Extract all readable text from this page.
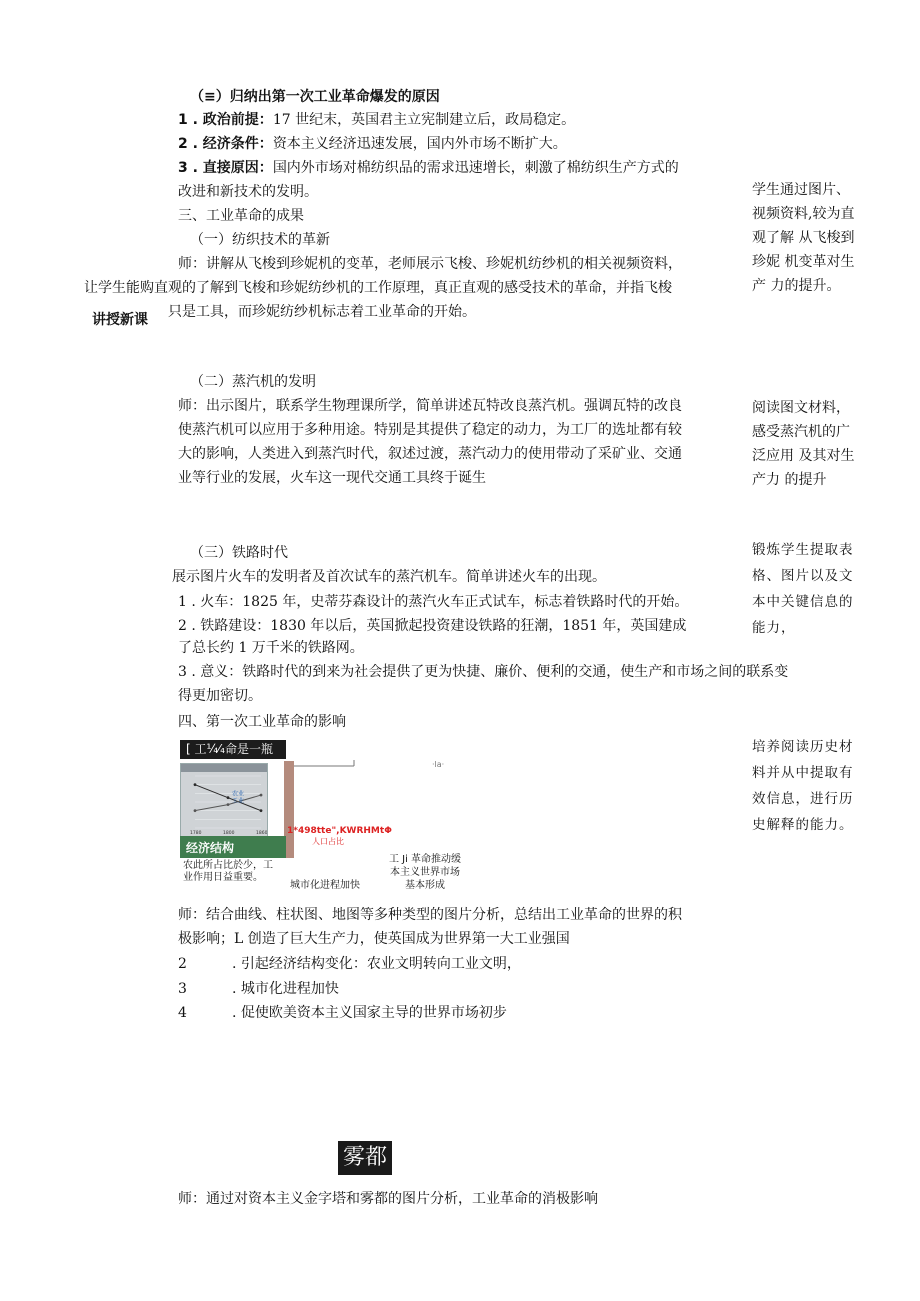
（≡）归纳出第一次工业革命爆发的原因
1 . 政治前提：17 世纪末，英国君主立宪制建立后，政局稳定。
2 . 经济条件：资本主义经济迅速发展，国内外市场不断扩大。
3 . 直接原因：国内外市场对棉纺织品的需求迅速增长，刺激了棉纺织生产方式的
改进和新技术的发明。
三、工业革命的成果
（一）纺织技术的革新
师：讲解从飞梭到珍妮机的变革，老师展示飞梭、珍妮机纺纱机的相关视频资料，
让学生能购直观的了解到飞梭和珍妮纺纱机的工作原理，真正直观的感受技术的革命，并指飞梭
只是工具，而珍妮纺纱机标志着工业革命的开始。
讲授新课
学生通过图片、视频资料,较为直观了解 从飞梭到珍妮 机变革对生产 力的提升。
（二）蒸汽机的发明
师：出示图片，联系学生物理课所学，简单讲述瓦特改良蒸汽机。强调瓦特的改良
使蒸汽机可以应用于多种用途。特别是其提供了稳定的动力，为工厂的选址都有较
大的影响，人类进入到蒸汽时代，叙述过渡，蒸汽动力的使用带动了采矿业、交通
业等行业的发展，火车这一现代交通工具终于诞生
阅读图文材料，感受蒸汽机的广泛应用 及其对生产力 的提升
（三）铁路时代
展示图片火车的发明者及首次试车的蒸汽机车。简单讲述火车的出现。
1 . 火车：1825 年，史蒂芬森设计的蒸汽火车正式试车，标志着铁路时代的开始。
2 . 铁路建设：1830 年以后，英国掀起投资建设铁路的狂潮，1851 年，英国建成
了总长约 1 万千米的铁路网。
3 . 意义：铁路时代的到来为社会提供了更为快捷、廉价、便利的交通，使生产和市场之间的联系变
得更加密切。
锻炼学生提取表格、图片以及文本中关键信息的能力，
四、第一次工业革命的影响
[ 工¼⁄₄命是一瓶
农业
工业
1780	1800	1860
经济结构
农此所占比於少，工
业作用日益重要。
1*498tte",KWRHMtΦ
人口占比
城市化进程加快
·la·
工 Ji 革命推动缓
本主义世界市场
基本形成
培养阅读历史材料并从中提取有效信息，进行历史解释的能力。
师：结合曲线、柱状图、地图等多种类型的图片分析，总结出工业革命的世界的积
极影响；L 创造了巨大生产力，使英国成为世界第一大工业强国
2	. 引起经济结构变化：农业文明转向工业文明，
3	. 城市化进程加快
4	. 促使欧美资本主义国家主导的世界市场初步
雾都
师：通过对资本主义金字塔和雾都的图片分析，工业革命的消极影响
